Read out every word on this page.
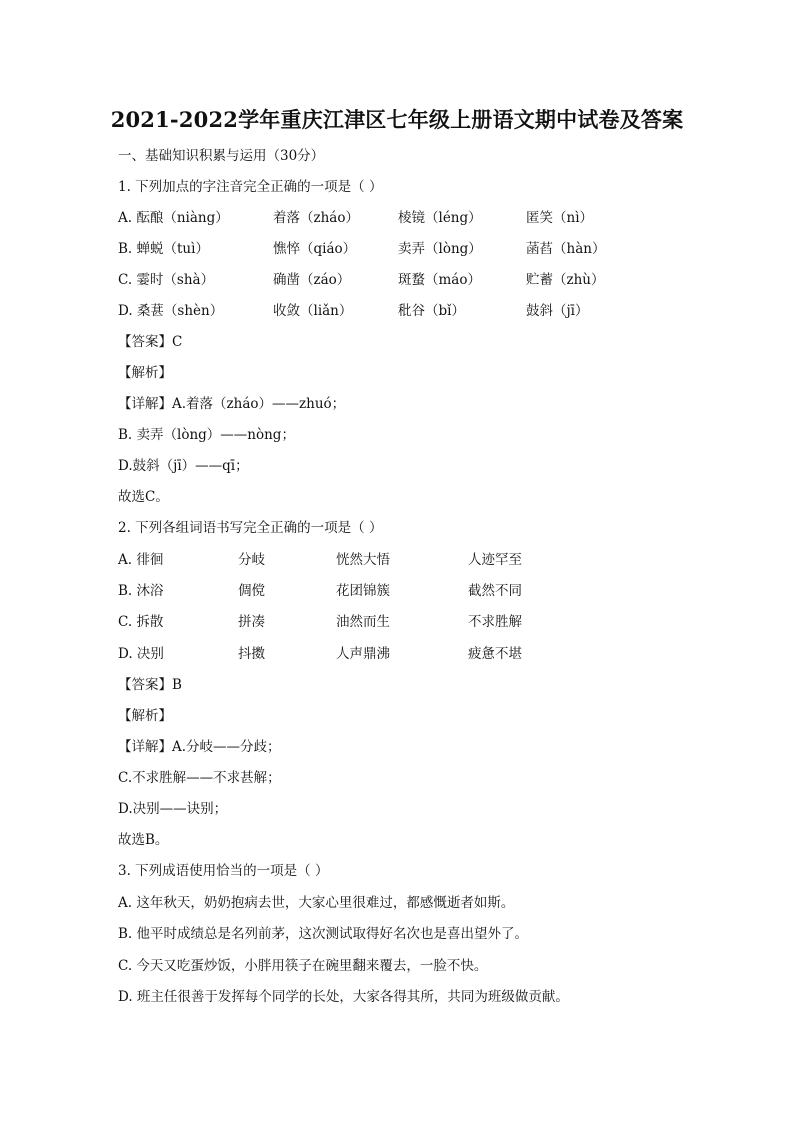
2021-2022学年重庆江津区七年级上册语文期中试卷及答案
一、基础知识积累与运用（30分）
1. 下列加点的字注音完全正确的一项是（ ）
A. 酝酿（niàng）	着落（zháo）	棱镜（léng）	匿笑（nì）
B. 蝉蜕（tuì）	憔悴（qiáo）	卖弄（lòng）	菡萏（hàn）
C. 霎时（shà）	确凿（záo）	斑蝥（máo）	贮蓄（zhù）
D. 桑葚（shèn）	收敛（liǎn）	秕谷（bǐ）	鼓斜（jī）
【答案】C
【解析】
【详解】A.着落（zháo）——zhuó；
B. 卖弄（lòng）——nòng；
D.鼓斜（jī）——qī；
故选C。
2. 下列各组词语书写完全正确的一项是（ ）
A. 徘徊	分岐	恍然大悟	人迹罕至
B. 沐浴	倜傥	花团锦簇	截然不同
C. 拆散	拼凑	油然而生	不求胜解
D. 决别	抖擞	人声鼎沸	疲惫不堪
【答案】B
【解析】
【详解】A.分岐——分歧；
C.不求胜解——不求甚解；
D.决别——诀别；
故选B。
3. 下列成语使用恰当的一项是（ ）
A. 这年秋天，奶奶抱病去世，大家心里很难过，都感慨逝者如斯。
B. 他平时成绩总是名列前茅，这次测试取得好名次也是喜出望外了。
C. 今天又吃蛋炒饭，小胖用筷子在碗里翻来覆去，一脸不快。
D. 班主任很善于发挥每个同学的长处，大家各得其所，共同为班级做贡献。
